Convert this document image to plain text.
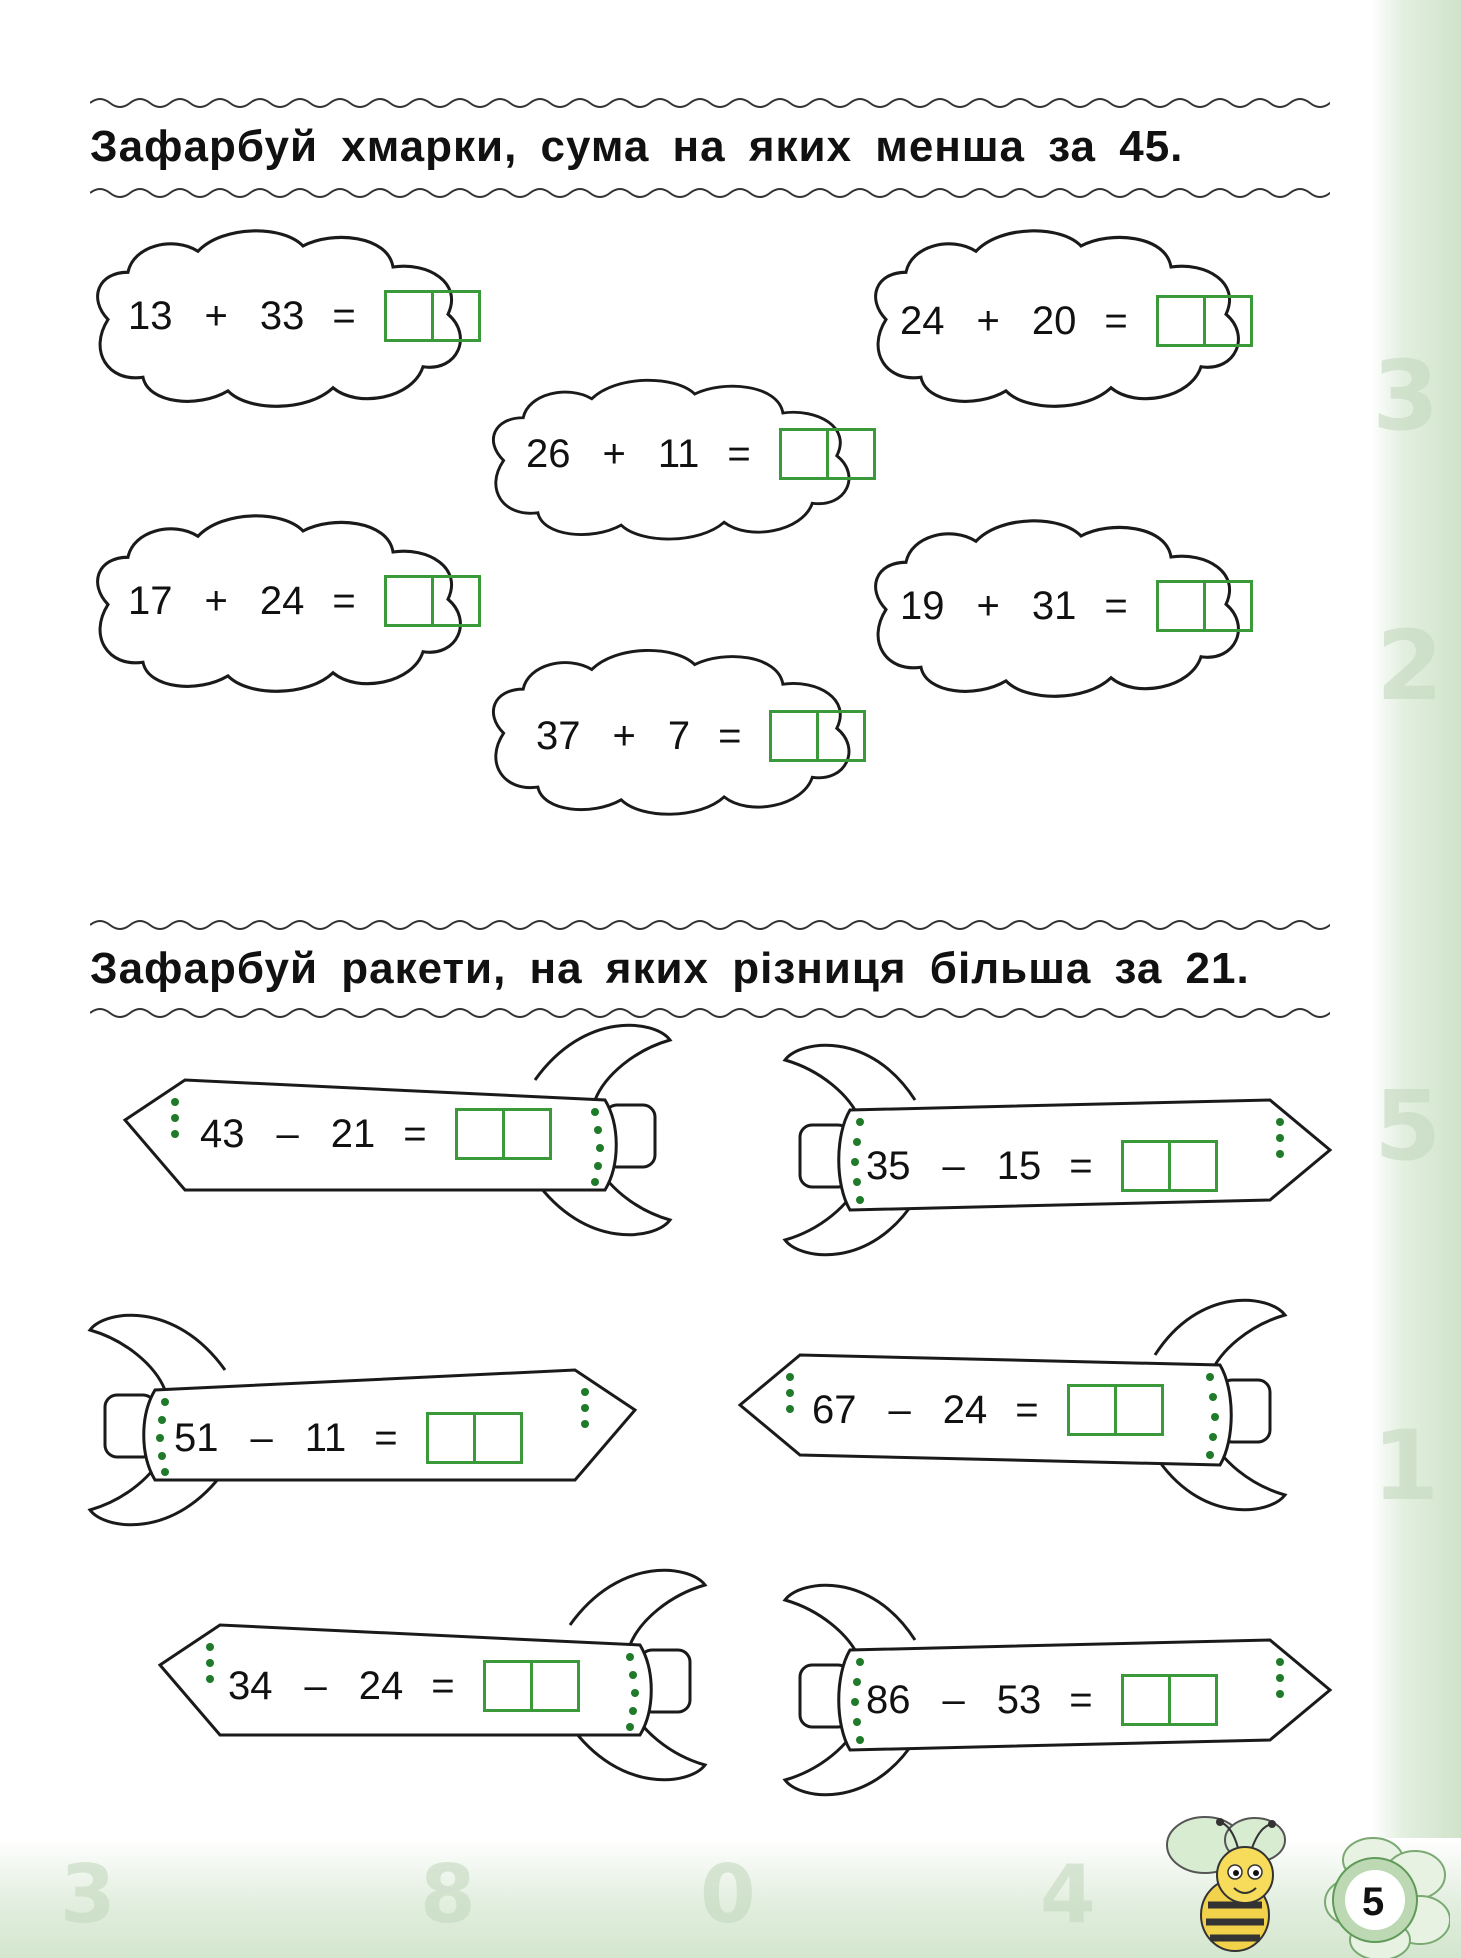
3
2
5
1
3	8	0	4
Зафарбуй хмарки, сума на яких менша за 45.
13 + 33 =	24 + 20 =
26 + 11 =
17 + 24 =	19 + 31 =
37 + 7 =
Зафарбуй ракети, на яких різниця більша за 21.
43 – 21 =
35 – 15 =
51 – 11 =
67 – 24 =
34 – 24 =	86 – 53 =
5
